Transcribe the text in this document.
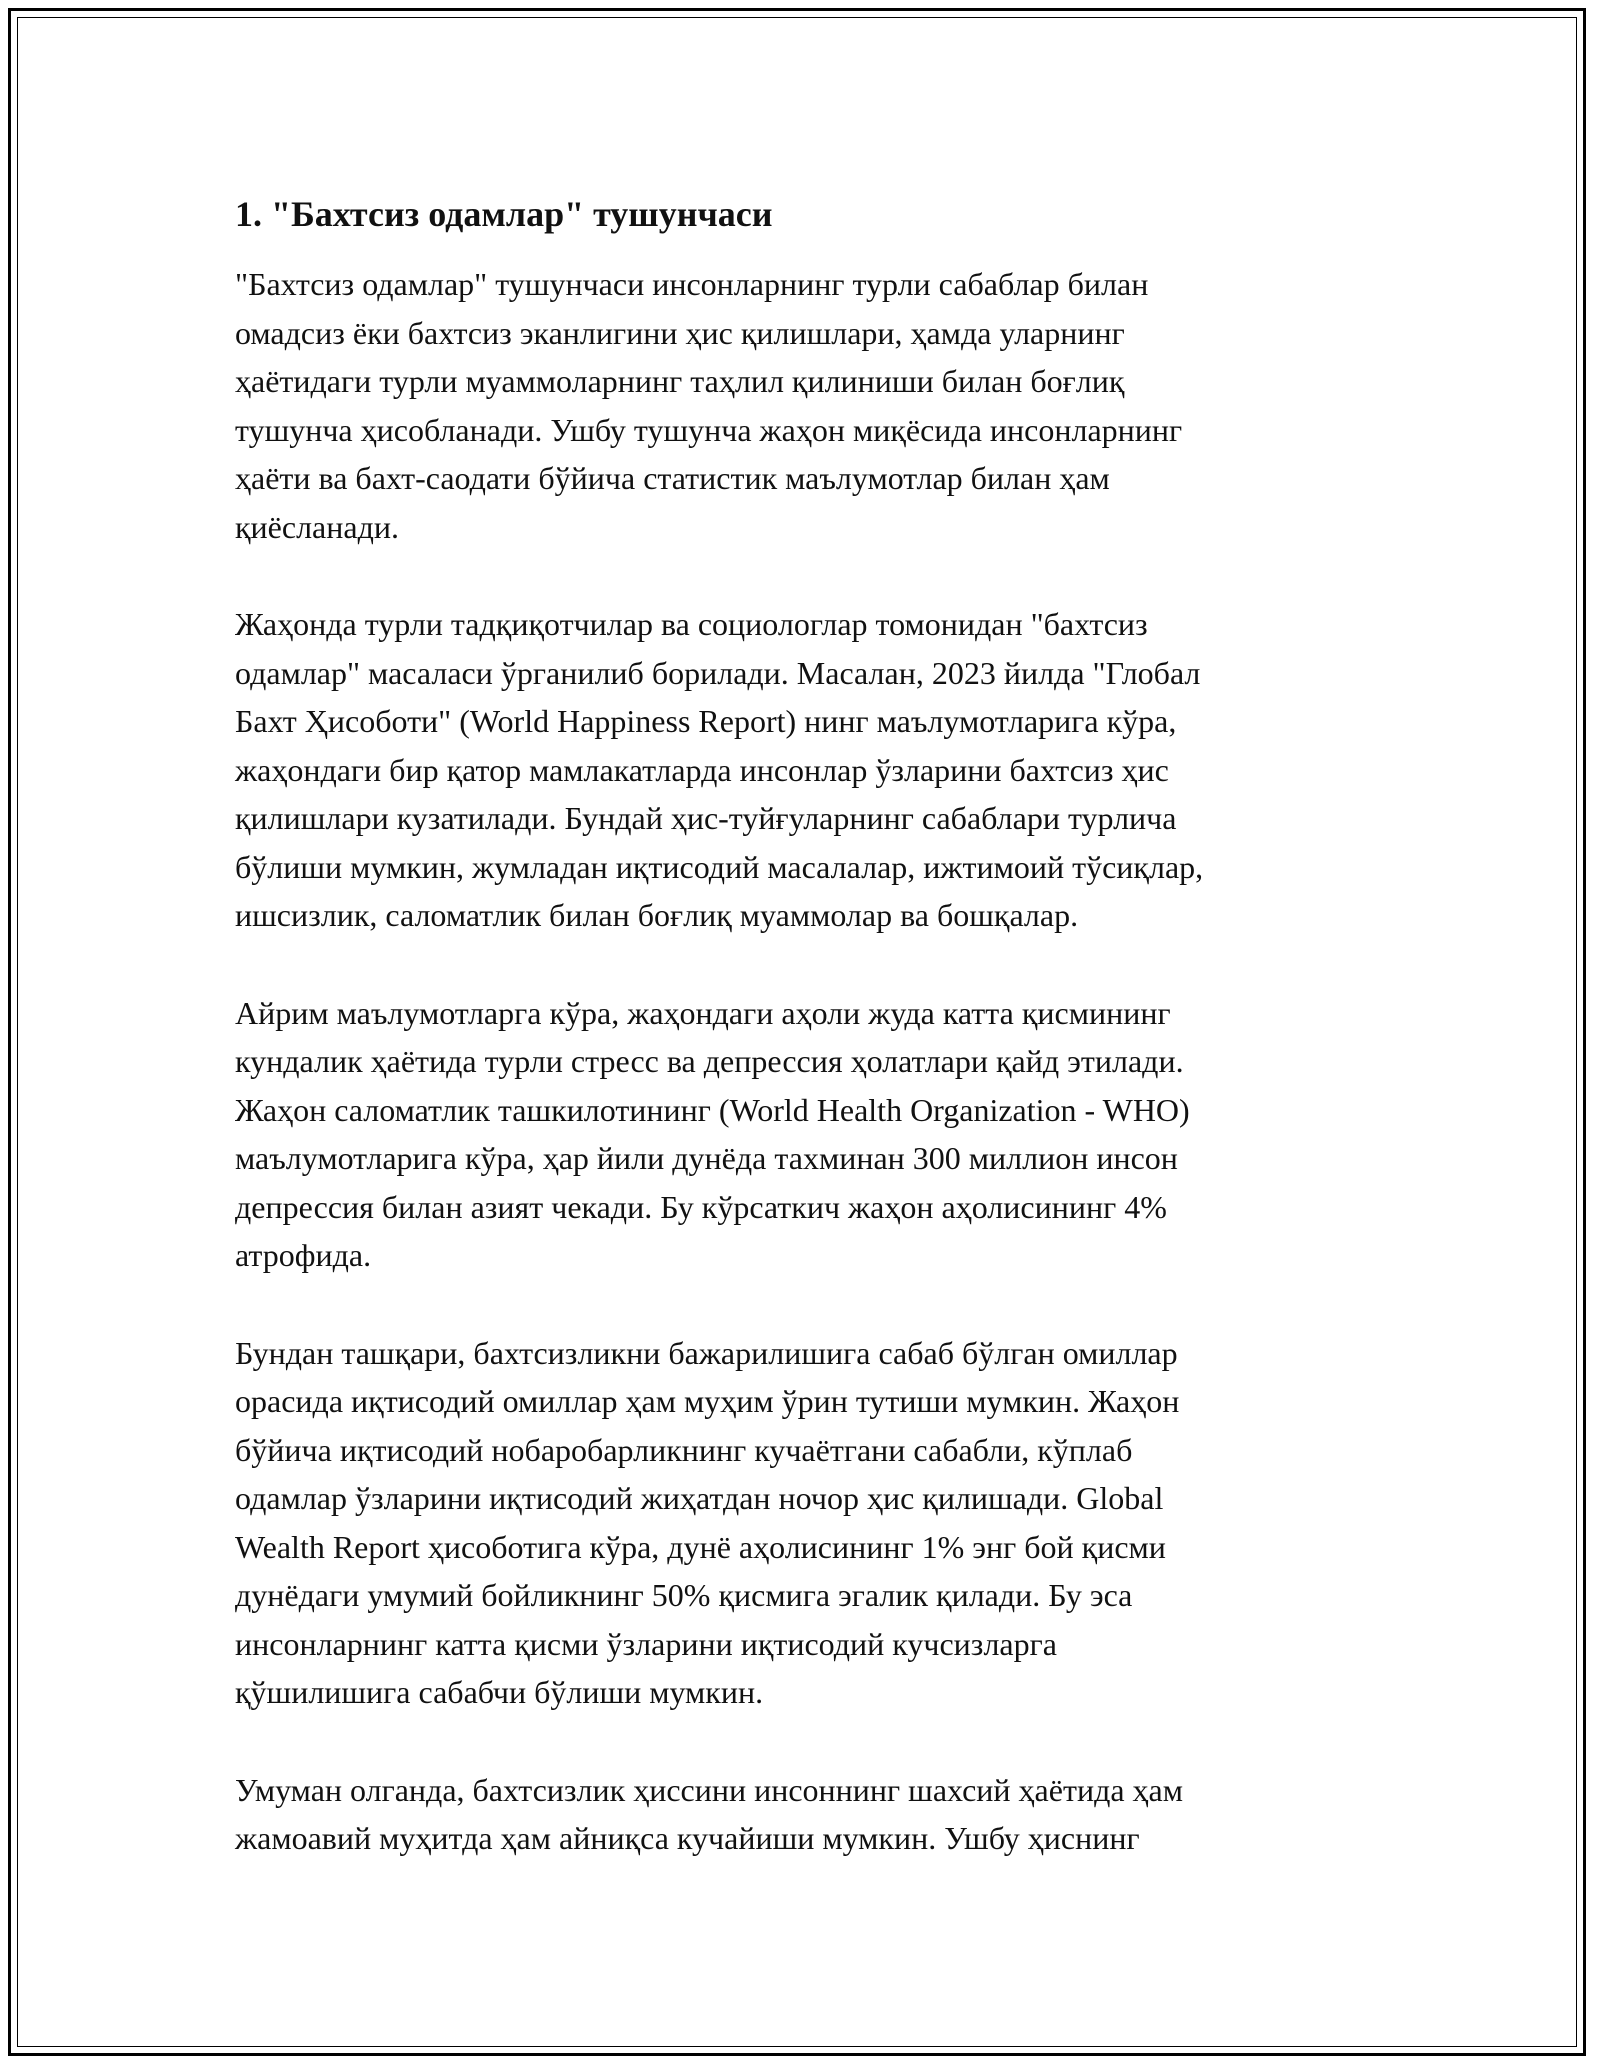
1. "Бахтсиз одамлар" тушунчаси

"Бахтсиз одамлар" тушунчаси инсонларнинг турли сабаблар билан
омадсиз ёки бахтсиз эканлигини ҳис қилишлари, ҳамда уларнинг
ҳаётидаги турли муаммоларнинг таҳлил қилиниши билан боғлиқ
тушунча ҳисобланади. Ушбу тушунча жаҳон миқёсида инсонларнинг
ҳаёти ва бахт-саодати бўйича статистик маълумотлар билан ҳам
қиёсланади.

Жаҳонда турли тадқиқотчилар ва социологлар томонидан "бахтсиз
одамлар" масаласи ўрганилиб борилади. Масалан, 2023 йилда "Глобал
Бахт Ҳисоботи" (World Happiness Report) нинг маълумотларига кўра,
жаҳондаги бир қатор мамлакатларда инсонлар ўзларини бахтсиз ҳис
қилишлари кузатилади. Бундай ҳис-туйғуларнинг сабаблари турлича
бўлиши мумкин, жумладан иқтисодий масалалар, ижтимоий тўсиқлар,
ишсизлик, саломатлик билан боғлиқ муаммолар ва бошқалар.

Айрим маълумотларга кўра, жаҳондаги аҳоли жуда катта қисмининг
кундалик ҳаётида турли стресс ва депрессия ҳолатлари қайд этилади.
Жаҳон саломатлик ташкилотининг (World Health Organization - WHO)
маълумотларига кўра, ҳар йили дунёда тахминан 300 миллион инсон
депрессия билан азият чекади. Бу кўрсаткич жаҳон аҳолисининг 4%
атрофида.

Бундан ташқари, бахтсизликни бажарилишига сабаб бўлган омиллар
орасида иқтисодий омиллар ҳам муҳим ўрин тутиши мумкин. Жаҳон
бўйича иқтисодий нобаробарликнинг кучаётгани сабабли, кўплаб
одамлар ўзларини иқтисодий жиҳатдан ночор ҳис қилишади. Global
Wealth Report ҳисоботига кўра, дунё аҳолисининг 1% энг бой қисми
дунёдаги умумий бойликнинг 50% қисмига эгалик қилади. Бу эса
инсонларнинг катта қисми ўзларини иқтисодий кучсизларга
қўшилишига сабабчи бўлиши мумкин.

Умуман олганда, бахтсизлик ҳиссини инсоннинг шахсий ҳаётида ҳам
жамоавий муҳитда ҳам айниқса кучайиши мумкин. Ушбу ҳиснинг
